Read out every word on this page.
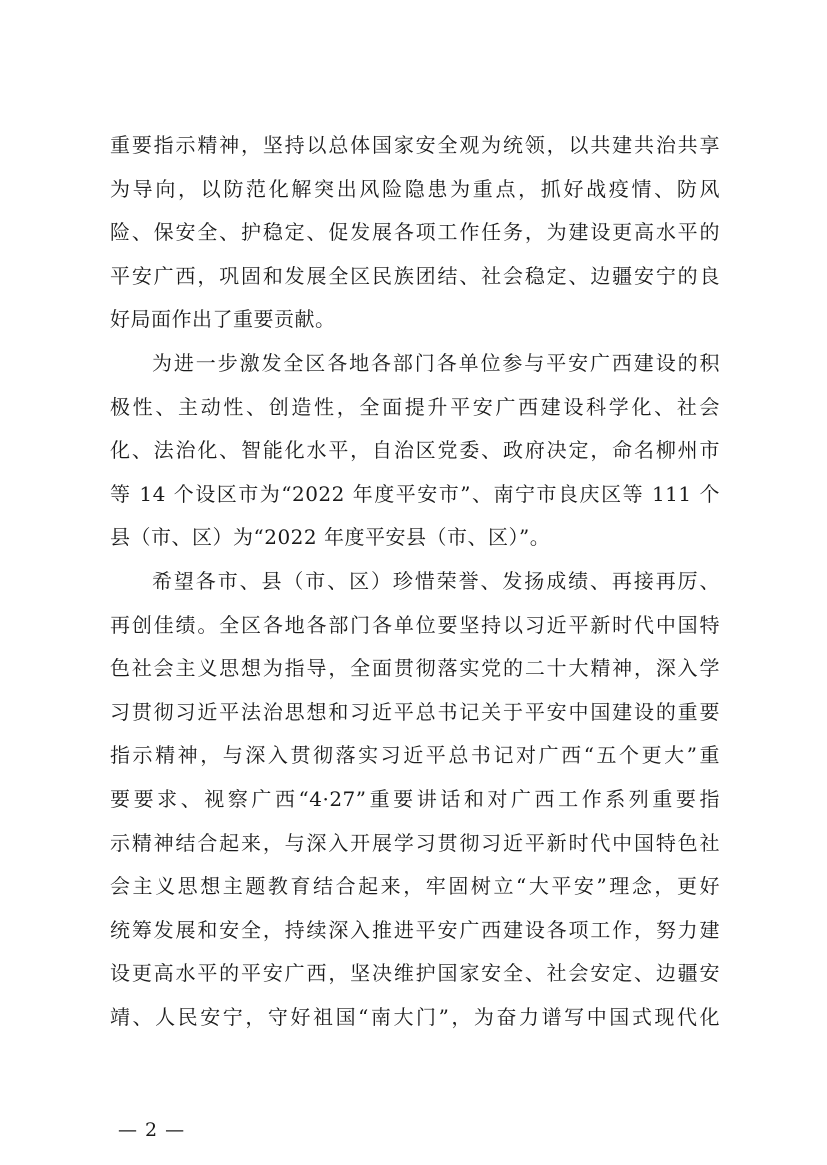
重要指示精神，坚持以总体国家安全观为统领，以共建共治共享
为导向，以防范化解突出风险隐患为重点，抓好战疫情、防风
险、保安全、护稳定、促发展各项工作任务，为建设更高水平的
平安广西，巩固和发展全区民族团结、社会稳定、边疆安宁的良
好局面作出了重要贡献。
为进一步激发全区各地各部门各单位参与平安广西建设的积
极性、主动性、创造性，全面提升平安广西建设科学化、社会
化、法治化、智能化水平，自治区党委、政府决定，命名柳州市
等 14 个设区市为“2022 年度平安市”、南宁市良庆区等 111 个
县（市、区）为“2022 年度平安县（市、区）”。
希望各市、县（市、区）珍惜荣誉、发扬成绩、再接再厉、
再创佳绩。全区各地各部门各单位要坚持以习近平新时代中国特
色社会主义思想为指导，全面贯彻落实党的二十大精神，深入学
习贯彻习近平法治思想和习近平总书记关于平安中国建设的重要
指示精神，与深入贯彻落实习近平总书记对广西“五个更大”重
要要求、视察广西“4·27”重要讲话和对广西工作系列重要指
示精神结合起来，与深入开展学习贯彻习近平新时代中国特色社
会主义思想主题教育结合起来，牢固树立“大平安”理念，更好
统筹发展和安全，持续深入推进平安广西建设各项工作，努力建
设更高水平的平安广西，坚决维护国家安全、社会安定、边疆安
靖、人民安宁，守好祖国“南大门”，为奋力谱写中国式现代化
— 2 —
